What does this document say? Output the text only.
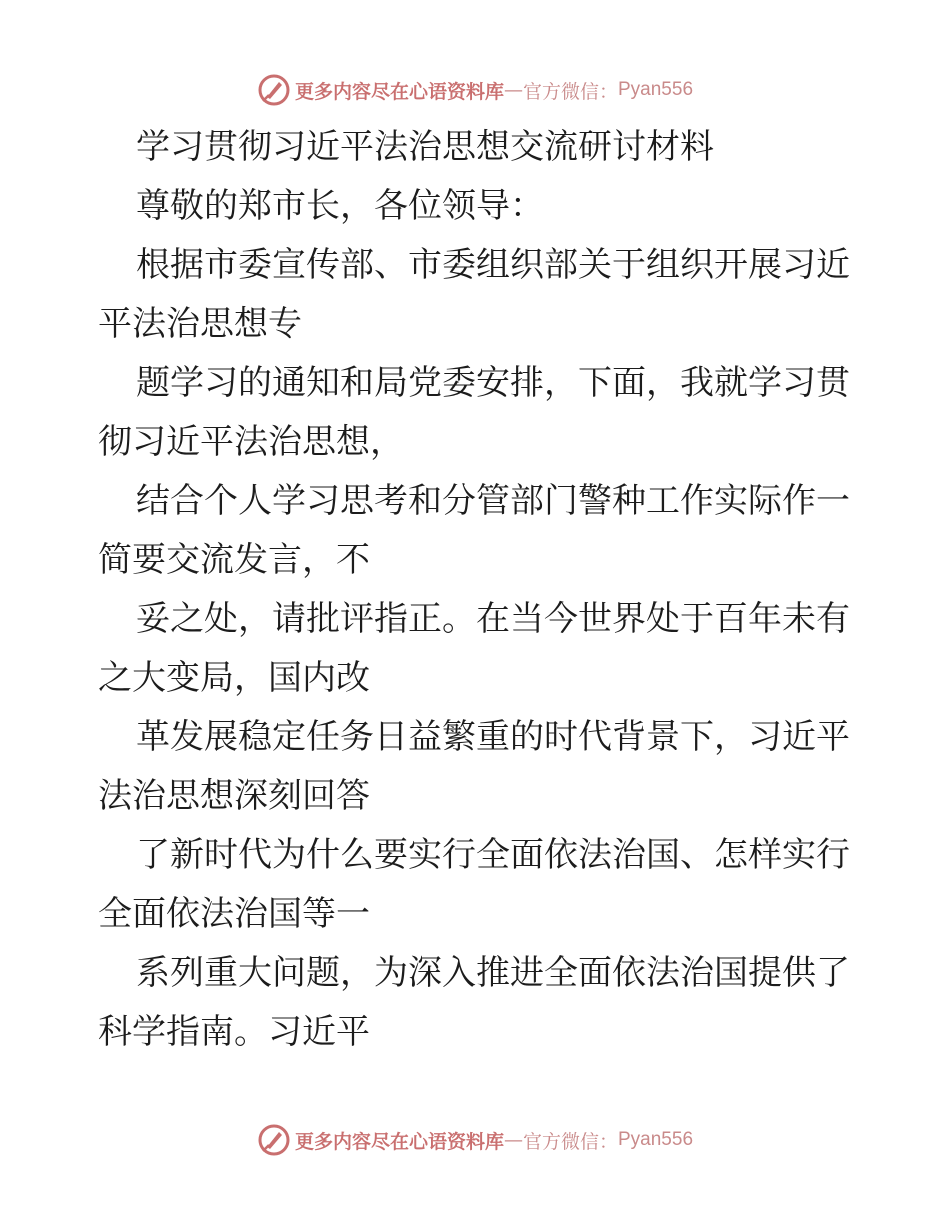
更多内容尽在心语资料库 — 官方微信： Pyan556
学习贯彻习近平法治思想交流研讨材料
尊敬的郑市长，各位领导：
根据市委宣传部、市委组织部关于组织开展习近
平法治思想专
题学习的通知和局党委安排，下面，我就学习贯
彻习近平法治思想，
结合个人学习思考和分管部门警种工作实际作一
简要交流发言，不
妥之处，请批评指正。在当今世界处于百年未有
之大变局，国内改
革发展稳定任务日益繁重的时代背景下，习近平
法治思想深刻回答
了新时代为什么要实行全面依法治国、怎样实行
全面依法治国等一
系列重大问题，为深入推进全面依法治国提供了
科学指南。习近平
更多内容尽在心语资料库 — 官方微信： Pyan556
